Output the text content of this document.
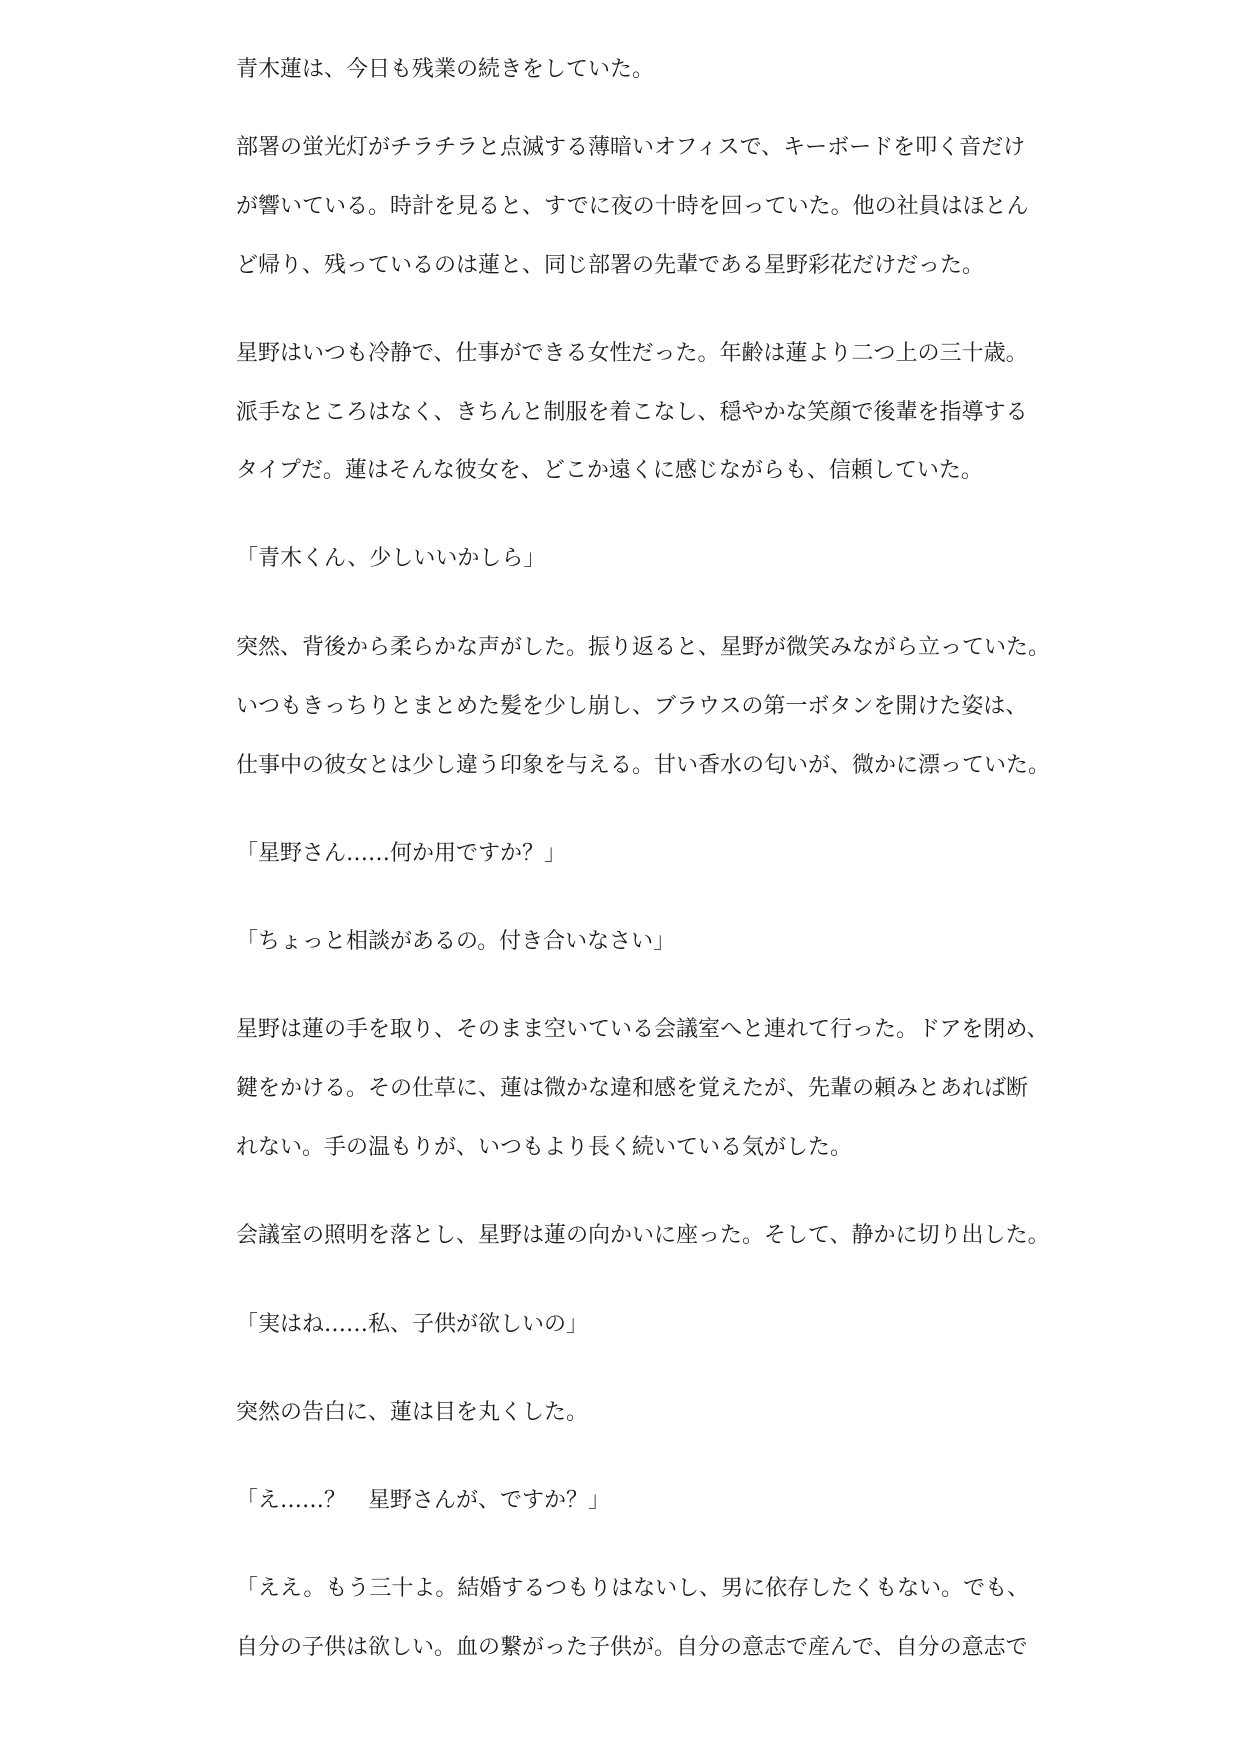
青木蓮は、今日も残業の続きをしていた。
部署の蛍光灯がチラチラと点滅する薄暗いオフィスで、キーボードを叩く音だけ
が響いている。時計を見ると、すでに夜の十時を回っていた。他の社員はほとん
ど帰り、残っているのは蓮と、同じ部署の先輩である星野彩花だけだった。
星野はいつも冷静で、仕事ができる女性だった。年齢は蓮より二つ上の三十歳。
派手なところはなく、きちんと制服を着こなし、穏やかな笑顔で後輩を指導する
タイプだ。蓮はそんな彼女を、どこか遠くに感じながらも、信頼していた。
「青木くん、少しいいかしら」
突然、背後から柔らかな声がした。振り返ると、星野が微笑みながら立っていた。
いつもきっちりとまとめた髪を少し崩し、ブラウスの第一ボタンを開けた姿は、
仕事中の彼女とは少し違う印象を与える。甘い香水の匂いが、微かに漂っていた。
「星野さん……何か用ですか？」
「ちょっと相談があるの。付き合いなさい」
星野は蓮の手を取り、そのまま空いている会議室へと連れて行った。ドアを閉め、
鍵をかける。その仕草に、蓮は微かな違和感を覚えたが、先輩の頼みとあれば断
れない。手の温もりが、いつもより長く続いている気がした。
会議室の照明を落とし、星野は蓮の向かいに座った。そして、静かに切り出した。
「実はね……私、子供が欲しいの」
突然の告白に、蓮は目を丸くした。
「え……？　星野さんが、ですか？」
「ええ。もう三十よ。結婚するつもりはないし、男に依存したくもない。でも、
自分の子供は欲しい。血の繋がった子供が。自分の意志で産んで、自分の意志で
